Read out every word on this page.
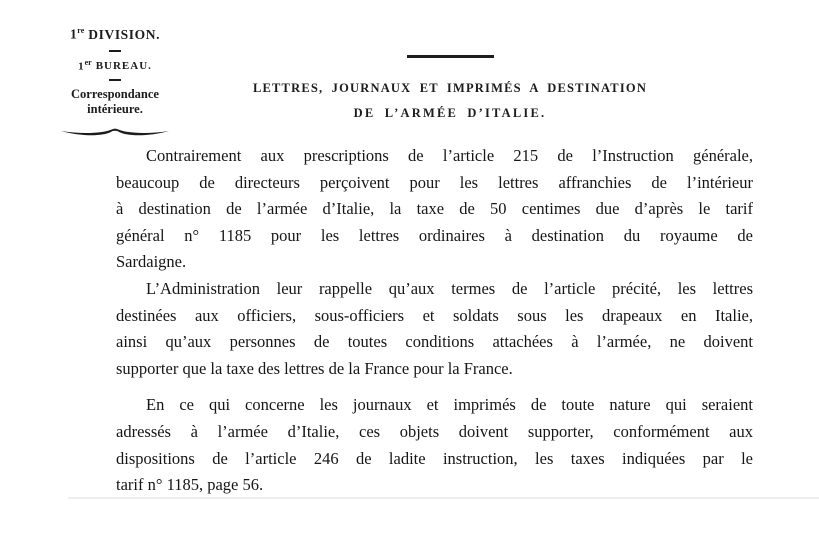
1re DIVISION.
1er BUREAU.
Correspondance
intérieure.
LETTRES, JOURNAUX ET IMPRIMÉS A DESTINATION
DE L’ARMÉE D’ITALIE.
Contrairement aux prescriptions de l’article 215 de l’Instruction générale,
beaucoup de directeurs perçoivent pour les lettres affranchies de l’intérieur
à destination de l’armée d’Italie, la taxe de 50 centimes due d’après le tarif
général n° 1185 pour les lettres ordinaires à destination du royaume de
Sardaigne.
L’Administration leur rappelle qu’aux termes de l’article précité, les lettres
destinées aux officiers, sous-officiers et soldats sous les drapeaux en Italie,
ainsi qu’aux personnes de toutes conditions attachées à l’armée, ne doivent
supporter que la taxe des lettres de la France pour la France.
En ce qui concerne les journaux et imprimés de toute nature qui seraient
adressés à l’armée d’Italie, ces objets doivent supporter, conformément aux
dispositions de l’article 246 de ladite instruction, les taxes indiquées par le
tarif n° 1185, page 56.
